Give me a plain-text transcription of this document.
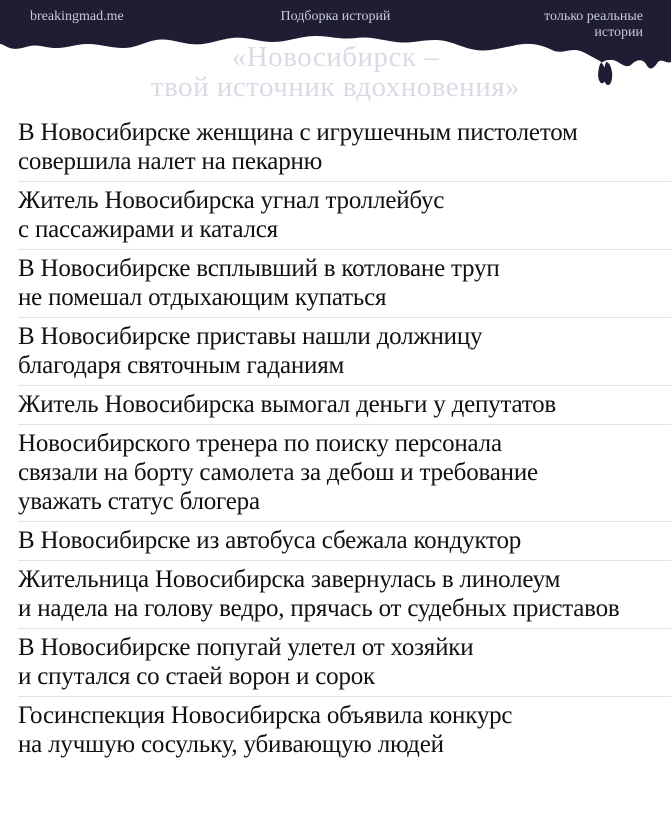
breakingmad.me	Подборка историй	только реальные
истории
«Новосибирск –
твой источник вдохновения»
В Новосибирске женщина с игрушечным пистолетом
совершила налет на пекарню
Житель Новосибирска угнал троллейбус
с пассажирами и катался
В Новосибирске всплывший в котловане труп
не помешал отдыхающим купаться
В Новосибирске приставы нашли должницу
благодаря святочным гаданиям
Житель Новосибирска вымогал деньги у депутатов
Новосибирского тренера по поиску персонала
связали на борту самолета за дебош и требование
уважать статус блогера
В Новосибирске из автобуса сбежала кондуктор
Жительница Новосибирска завернулась в линолеум
и надела на голову ведро, прячась от судебных приставов
В Новосибирске попугай улетел от хозяйки
и спутался со стаей ворон и сорок
Госинспекция Новосибирска объявила конкурс
на лучшую сосульку, убивающую людей
